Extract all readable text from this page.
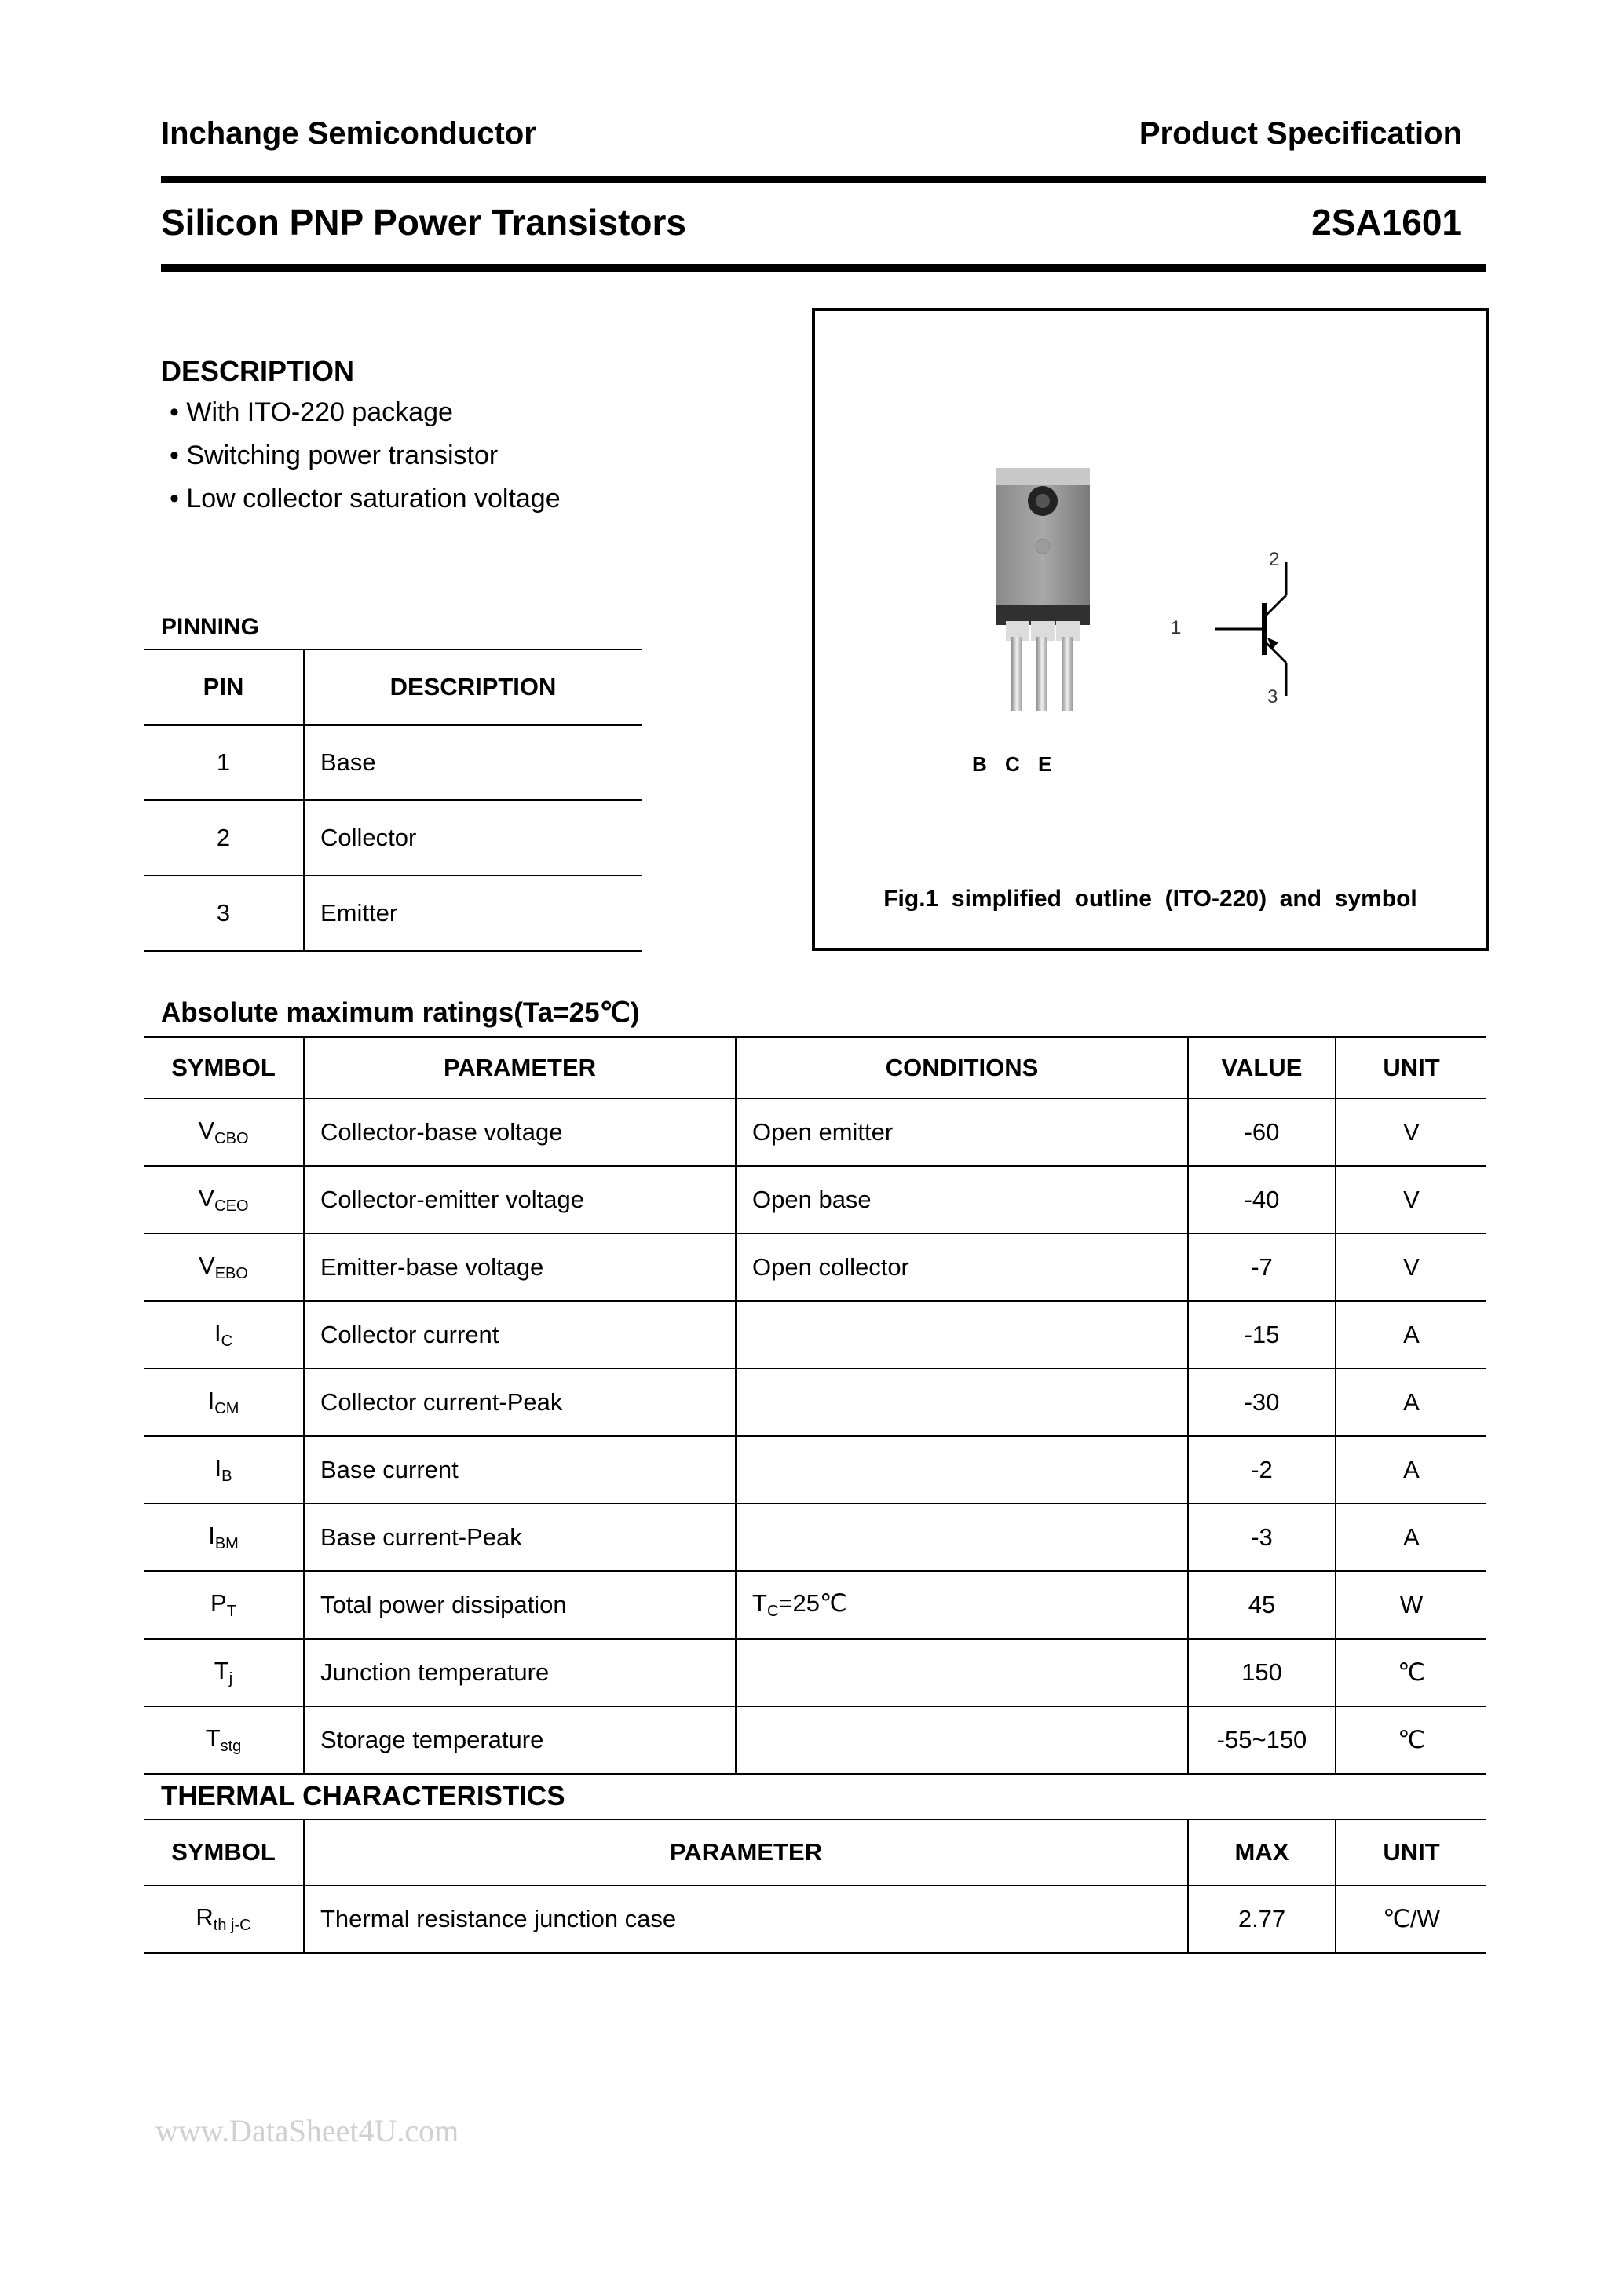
Inchange Semiconductor	Product Specification
Silicon PNP Power Transistors	2SA1601
DESCRIPTION
• With ITO-220 package
• Switching power transistor
• Low collector saturation voltage
PINNING
PIN	DESCRIPTION
1	Base
2	Collector
3	Emitter
B C E
1
2
3
Fig.1  simplified  outline  (ITO-220)  and  symbol
Absolute maximum ratings(Ta=25℃)
SYMBOL	PARAMETER	CONDITIONS	VALUE	UNIT
$V_{CBO}$	Collector-base voltage	Open emitter	-60	V
$V_{CEO}$	Collector-emitter voltage	Open base	-40	V
$V_{EBO}$	Emitter-base voltage	Open collector	-7	V
$I_C$	Collector current		-15	A
$I_{CM}$	Collector current-Peak		-30	A
$I_B$	Base current		-2	A
$I_{BM}$	Base current-Peak		-3	A
$P_T$	Total power dissipation	$T_C=25℃$	45	W
$T_j$	Junction temperature		150	℃
$T_{stg}$	Storage temperature		-55~150	℃
THERMAL CHARACTERISTICS
SYMBOL	PARAMETER	MAX	UNIT
$R_{th j-C}$	Thermal resistance junction case	2.77	℃/W
www.DataSheet4U.com
